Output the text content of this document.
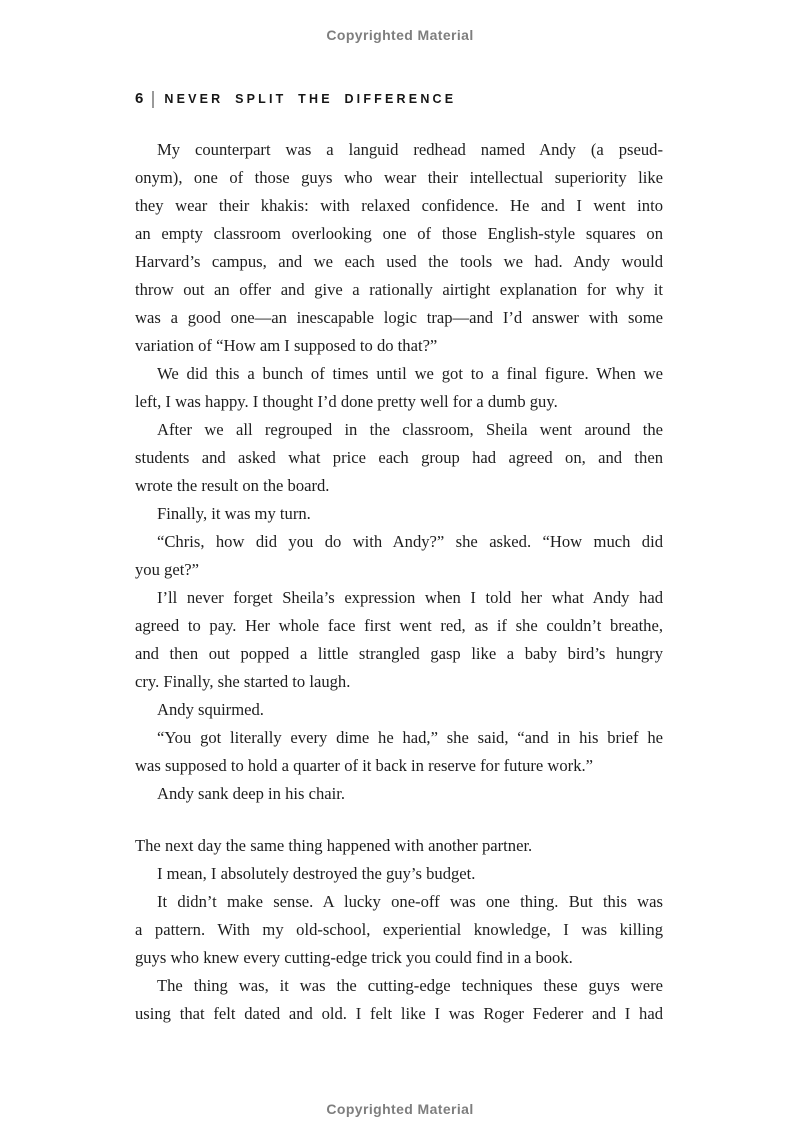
Copyrighted Material
6 NEVER SPLIT THE DIFFERENCE
My counterpart was a languid redhead named Andy (a pseud-
onym), one of those guys who wear their intellectual superiority like
they wear their khakis: with relaxed confidence. He and I went into
an empty classroom overlooking one of those English-style squares on
Harvard’s campus, and we each used the tools we had. Andy would
throw out an offer and give a rationally airtight explanation for why it
was a good one—an inescapable logic trap—and I’d answer with some
variation of “How am I supposed to do that?”
We did this a bunch of times until we got to a final figure. When we
left, I was happy. I thought I’d done pretty well for a dumb guy.
After we all regrouped in the classroom, Sheila went around the
students and asked what price each group had agreed on, and then
wrote the result on the board.
Finally, it was my turn.
“Chris, how did you do with Andy?” she asked. “How much did
you get?”
I’ll never forget Sheila’s expression when I told her what Andy had
agreed to pay. Her whole face first went red, as if she couldn’t breathe,
and then out popped a little strangled gasp like a baby bird’s hungry
cry. Finally, she started to laugh.
Andy squirmed.
“You got literally every dime he had,” she said, “and in his brief he
was supposed to hold a quarter of it back in reserve for future work.”
Andy sank deep in his chair.
The next day the same thing happened with another partner.
I mean, I absolutely destroyed the guy’s budget.
It didn’t make sense. A lucky one-off was one thing. But this was
a pattern. With my old-school, experiential knowledge, I was killing
guys who knew every cutting-edge trick you could find in a book.
The thing was, it was the cutting-edge techniques these guys were
using that felt dated and old. I felt like I was Roger Federer and I had
Copyrighted Material
